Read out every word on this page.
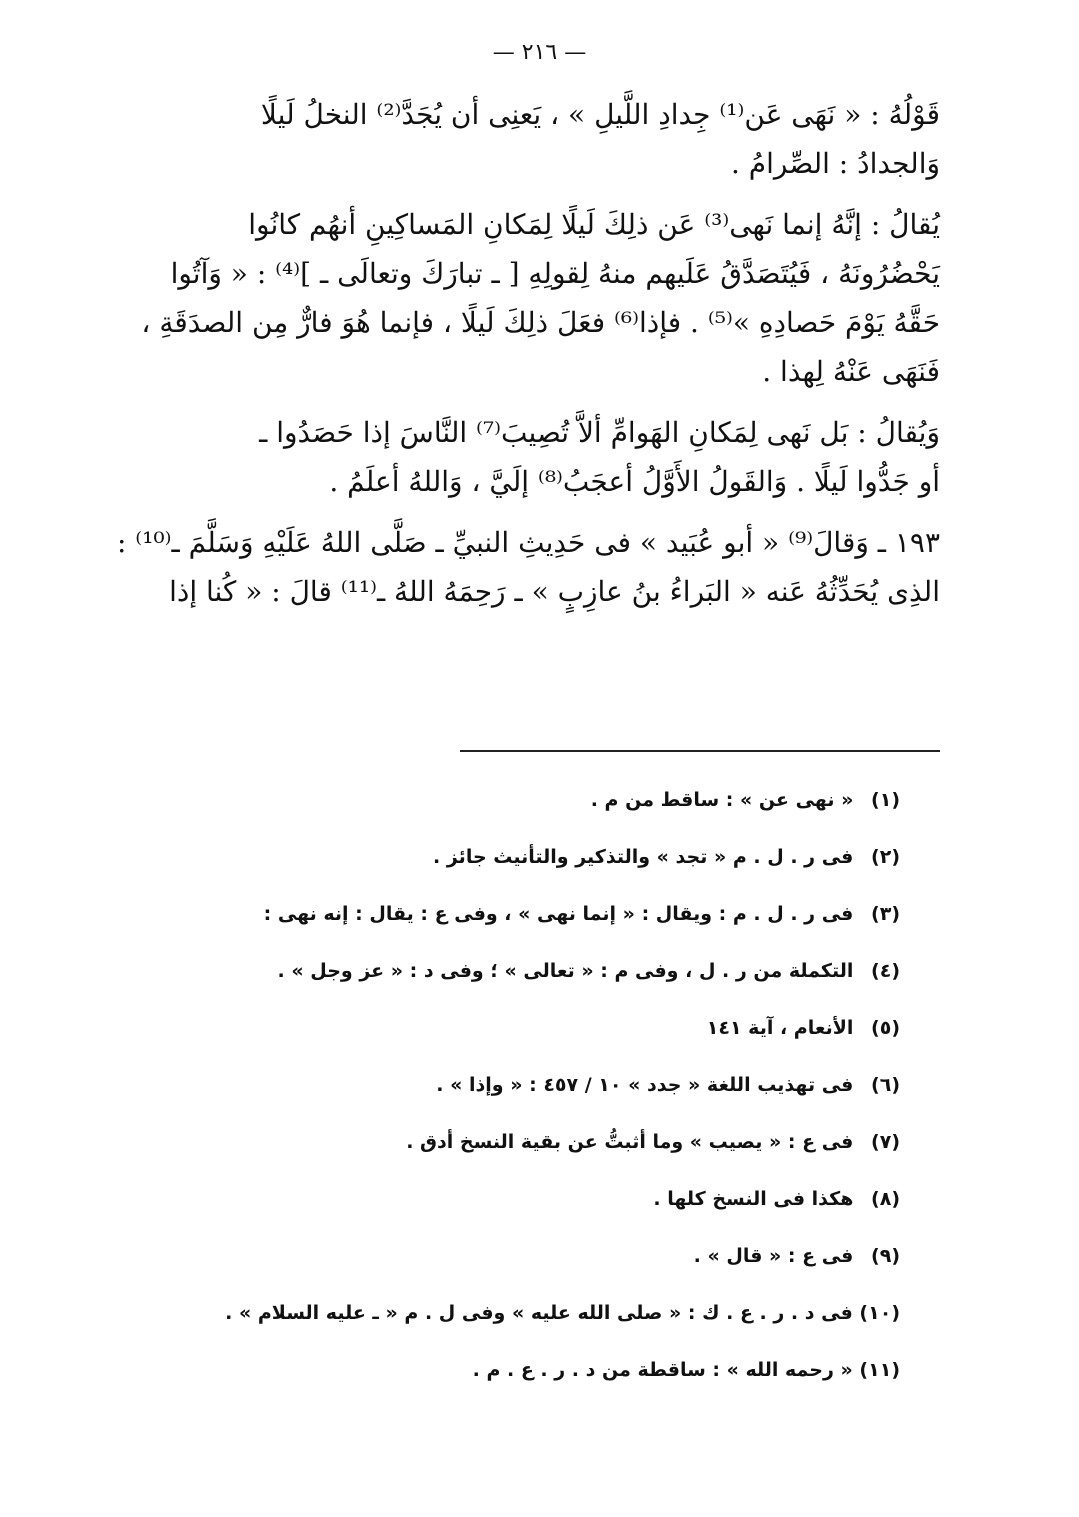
— ٢١٦ —

قَوْلُهُ : « نَهَى عَن⁽¹⁾ جِدادِ اللَّيلِ » ، يَعنِى أن يُجَدَّ⁽²⁾ النخلُ لَيلًا
وَالجدادُ : الصِّرامُ .

يُقالُ : إنَّهُ إنما نَهى⁽³⁾ عَن ذلِكَ لَيلًا لِمَكانِ المَساكِينِ أنهُم كانُوا
يَحْضُرُونَهُ ، فَيُتَصَدَّقُ عَلَيهم منهُ لِقولِهِ [ ـ تبارَكَ وتعالَى ـ ]⁽⁴⁾ : « وَآتُوا
حَقَّهُ يَوْمَ حَصادِهِ »⁽⁵⁾ . فإذا⁽⁶⁾ فعَلَ ذلِكَ لَيلًا ، فإنما هُوَ فارٌّ مِن الصدَقَةِ ،
فَنَهَى عَنْهُ لِهذا .

وَيُقالُ : بَل نَهى لِمَكانِ الهَوامِّ ألاَّ تُصِيبَ⁽⁷⁾ النَّاسَ إذا حَصَدُوا ـ
أو جَدُّوا لَيلًا . وَالقَولُ الأَوَّلُ أعجَبُ⁽⁸⁾ إلَيَّ ، وَاللهُ أعلَمُ .

١٩٣ ـ وَقالَ⁽⁹⁾ « أبو عُبَيد » فى حَدِيثِ النبيِّ ـ صَلَّى اللهُ عَلَيْهِ وَسَلَّمَ ـ⁽¹⁰⁾ :
الذِى يُحَدِّثُهُ عَنه « البَراءُ بنُ عازِبٍ » ـ رَحِمَهُ اللهُ ـ⁽¹¹⁾ قالَ : « كُنا إذا

(١) « نهى عن » : ساقط من م .
(٢) فى ر . ل . م « تجد » والتذكير والتأنيث جائز .
(٣) فى ر . ل . م : ويقال : « إنما نهى » ، وفى ع : يقال : إنه نهى :
(٤) التكملة من ر . ل ، وفى م : « تعالى » ؛ وفى د : « عز وجل » .
(٥) الأنعام ، آية ١٤١
(٦) فى تهذيب اللغة « جدد » ١٠ / ٤٥٧ : « وإذا » .
(٧) فى ع : « يصيب » وما أثبتُّ عن بقية النسخ أدق .
(٨) هكذا فى النسخ كلها .
(٩) فى ع : « قال » .
(١٠) فى د . ر . ع . ك : « صلى الله عليه » وفى ل . م « ـ عليه السلام » .
(١١) « رحمه الله » : ساقطة من د . ر . ع . م .
